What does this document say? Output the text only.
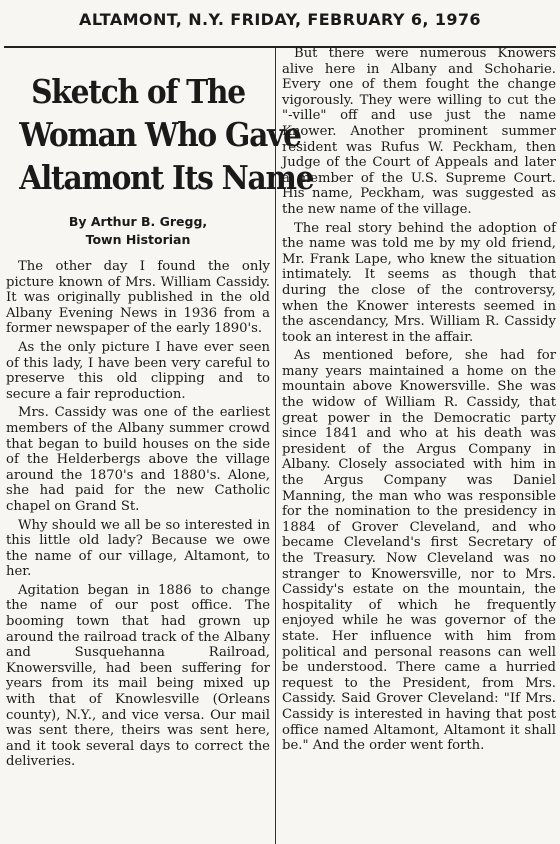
ALTAMONT, N.Y. FRIDAY, FEBRUARY 6, 1976
Sketch of The
Woman Who Gave
Altamont Its Name
By Arthur B. Gregg,
Town Historian

The other day I found the only picture known of Mrs. William Cassidy. It was originally published in the old Albany Evening News in 1936 from a former newspaper of the early 1890's.

As the only picture I have ever seen of this lady, I have been very careful to preserve this old clipping and to secure a fair reproduction.

Mrs. Cassidy was one of the earliest members of the Albany summer crowd that began to build houses on the side of the Helderbergs above the village around the 1870's and 1880's. Alone, she had paid for the new Catholic chapel on Grand St.

Why should we all be so interested in this little old lady? Because we owe the name of our village, Altamont, to her.

Agitation began in 1886 to change the name of our post office. The booming town that had grown up around the railroad track of the Albany and Susquehanna Railroad, Knowersville, had been suffering for years from its mail being mixed up with that of Knowlesville (Orleans county), N.Y., and vice versa. Our mail was sent there, theirs was sent here, and it took several days to correct the deliveries.

But there were numerous Knowers alive here in Albany and Schoharie. Every one of them fought the change vigorously. They were willing to cut the "-ville" off and use just the name Knower. Another prominent summer resident was Rufus W. Peckham, then Judge of the Court of Appeals and later a member of the U.S. Supreme Court. His name, Peckham, was suggested as the new name of the village.

The real story behind the adoption of the name was told me by my old friend, Mr. Frank Lape, who knew the situation intimately. It seems as though that during the close of the controversy, when the Knower interests seemed in the ascendancy, Mrs. William R. Cassidy took an interest in the affair.

As mentioned before, she had for many years maintained a home on the mountain above Knowersville. She was the widow of William R. Cassidy, that great power in the Democratic party since 1841 and who at his death was president of the Argus Company in Albany. Closely associated with him in the Argus Company was Daniel Manning, the man who was responsible for the nomination to the presidency in 1884 of Grover Cleveland, and who became Cleveland's first Secretary of the Treasury. Now Cleveland was no stranger to Knowersville, nor to Mrs. Cassidy's estate on the mountain, the hospitality of which he frequently enjoyed while he was governor of the state. Her influence with him from political and personal reasons can well be understood. There came a hurried request to the President, from Mrs. Cassidy. Said Grover Cleveland: "If Mrs. Cassidy is interested in having that post office named Altamont, Altamont it shall be." And the order went forth.
